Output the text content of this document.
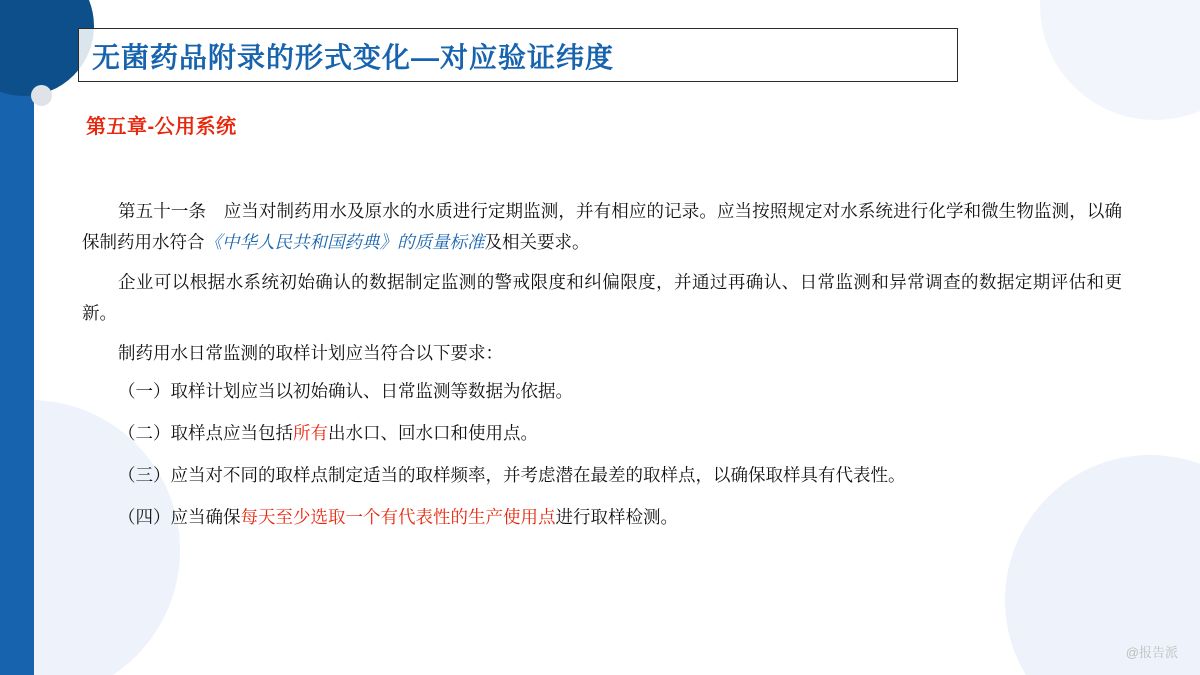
无菌药品附录的形式变化—对应验证纬度
第五章-公用系统

第五十一条　应当对制药用水及原水的水质进行定期监测，并有相应的记录。应当按照规定对水系统进行化学和微生物监测，以确保制药用水符合《中华人民共和国药典》的质量标准及相关要求。

企业可以根据水系统初始确认的数据制定监测的警戒限度和纠偏限度，并通过再确认、日常监测和异常调查的数据定期评估和更新。

制药用水日常监测的取样计划应当符合以下要求：

（一）取样计划应当以初始确认、日常监测等数据为依据。

（二）取样点应当包括所有出水口、回水口和使用点。

（三）应当对不同的取样点制定适当的取样频率，并考虑潜在最差的取样点，以确保取样具有代表性。

（四）应当确保每天至少选取一个有代表性的生产使用点进行取样检测。

@报告派
